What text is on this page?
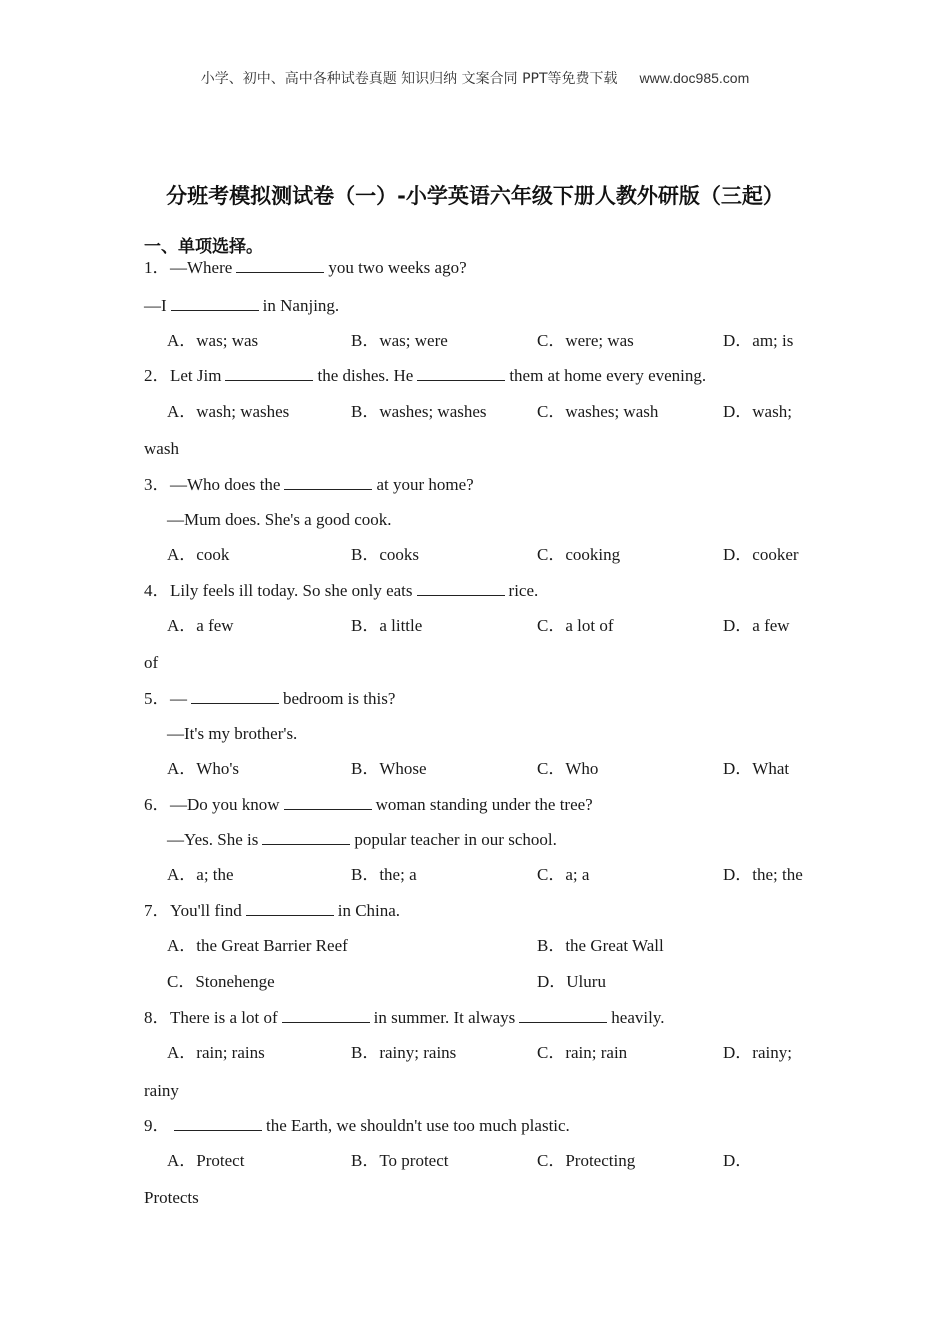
小学、初中、高中各种试卷真题 知识归纳 文案合同 PPT等免费下载 www.doc985.com
分班考模拟测试卷（一）-小学英语六年级下册人教外研版（三起）
一、单项选择。
1．—Where	you two weeks ago?
—I	in Nanjing.
A．was; was	B．was; were	C．were; was	D．am; is
2．Let Jim	the dishes. He	them at home every evening.
A．wash; washes	B．washes; washes	C．washes; wash	D．wash;
wash
3．—Who does the	at your home?
—Mum does. She's a good cook.
A．cook	B．cooks	C．cooking	D．cooker
4．Lily feels ill today. So she only eats	rice.
A．a few	B．a little	C．a lot of	D．a few
of
5．—	bedroom is this?
—It's my brother's.
A．Who's	B．Whose	C．Who	D．What
6．—Do you know	woman standing under the tree?
—Yes. She is	popular teacher in our school.
A．a; the	B．the; a	C．a; a	D．the; the
7．You'll find	in China.
A．the Great Barrier Reef	B．the Great Wall
C．Stonehenge	D．Uluru
8．There is a lot of	in summer. It always	heavily.
A．rain; rains	B．rainy; rains	C．rain; rain	D．rainy;
rainy
9．	the Earth, we shouldn't use too much plastic.
A．Protect	B．To protect	C．Protecting	D．
Protects
